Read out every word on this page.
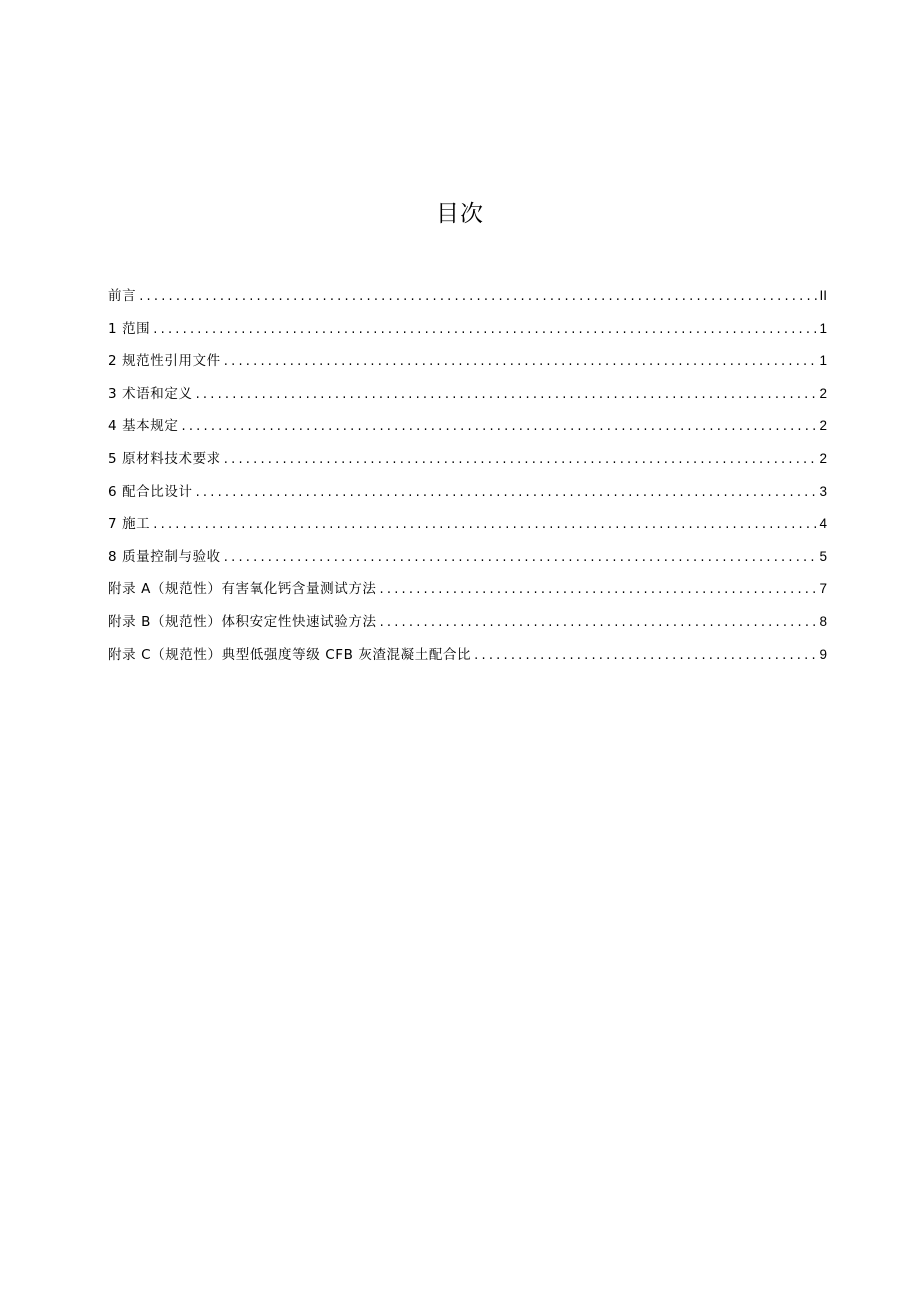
目次
前言 .....	II
1 范围 .....	1
2 规范性引用文件 .....	1
3 术语和定义 .....	2
4 基本规定 .....	2
5 原材料技术要求 .....	2
6 配合比设计 .....	3
7 施工 .....	4
8 质量控制与验收 .....	5
附录 A（规范性）有害氧化钙含量测试方法 .....	7
附录 B（规范性）体积安定性快速试验方法 .....	8
附录 C（规范性）典型低强度等级 CFB 灰渣混凝土配合比 .....	9
